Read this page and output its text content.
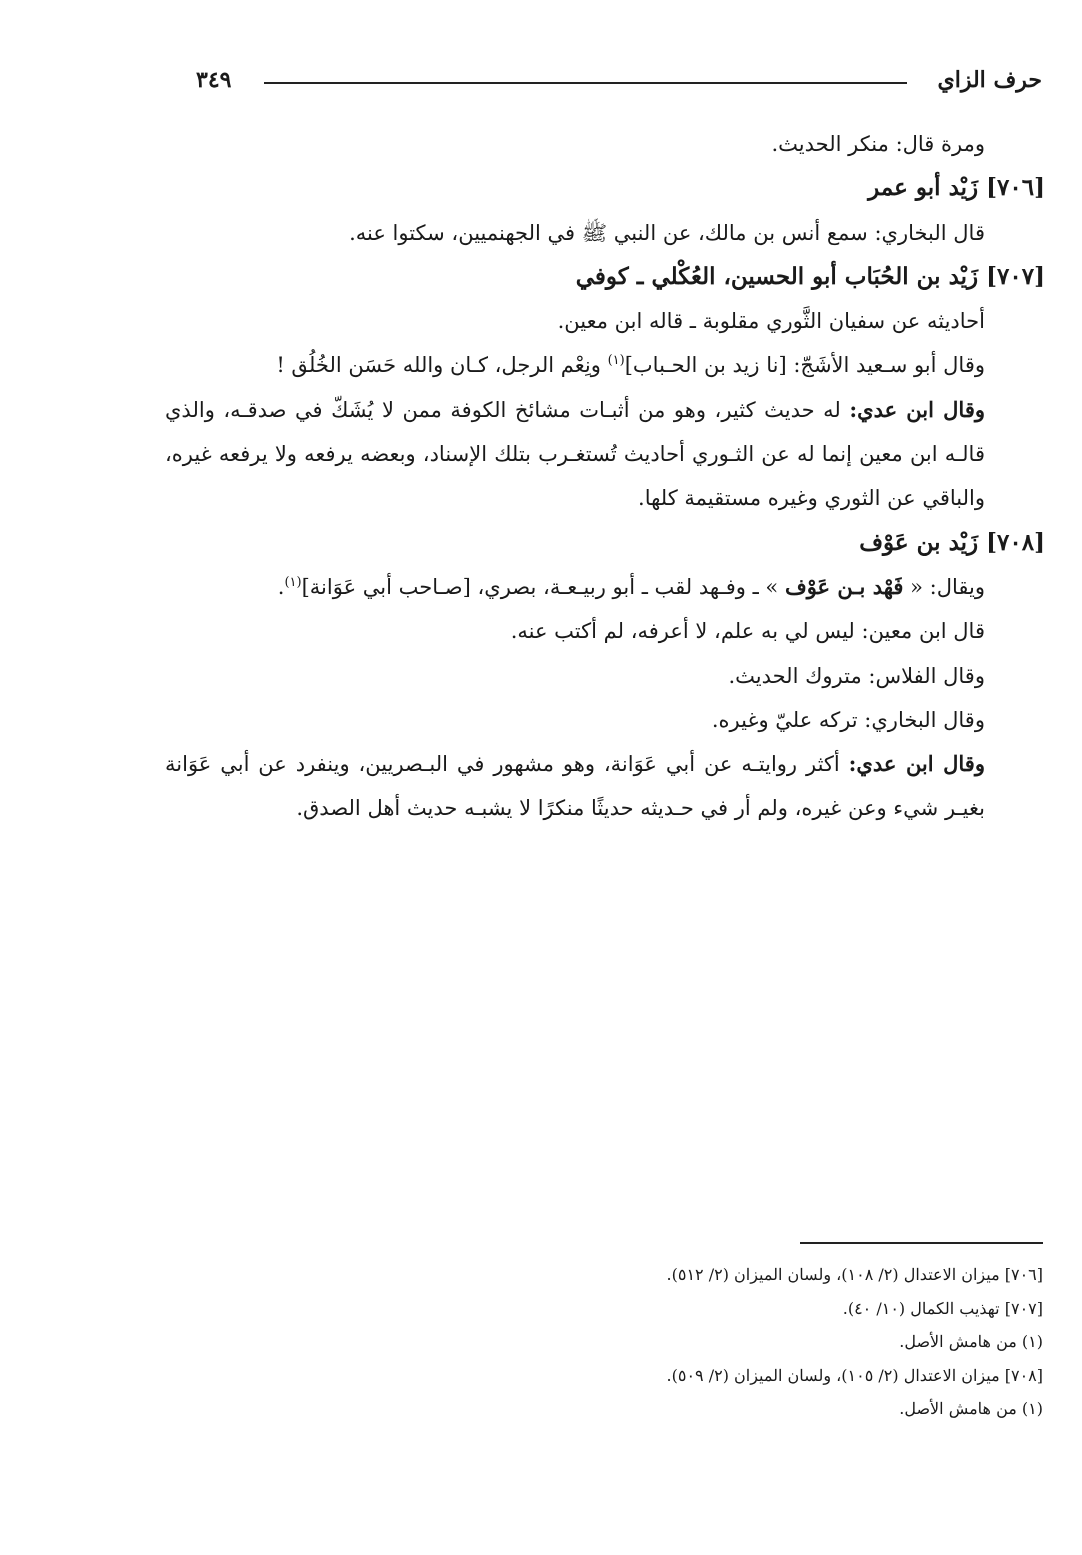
حرف الزاي
٣٤٩

ومرة قال: منكر الحديث.

[٧٠٦] زَيْد أبو عمر

قال البخاري: سمع أنس بن مالك، عن النبي ﷺ في الجهنميين، سكتوا عنه.

[٧٠٧] زَيْد بن الحُبَاب أبو الحسين، العُكْلي ـ كوفي

أحاديثه عن سفيان الثَّوري مقلوبة ـ قاله ابن معين.

وقال أبو سـعيد الأشَجّ: [نا زيد بن الحـباب]$^{(١)}$ ونِعْم الرجل، كـان والله حَسَن الخُلُق !

وقال ابن عدي: له حديث كثير، وهو من أثبـات مشائخ الكوفة ممن لا يُشَكّ في صدقـه، والذي قالـه ابن معين إنما له عن الثـوري أحاديث تُستغـرب بتلك الإسناد، وبعضه يرفعه ولا يرفعه غيره، والباقي عن الثوري وغيره مستقيمة كلها.

[٧٠٨] زَيْد بن عَوْف

ويقال: « فَهْد بـن عَوْف » ـ وفـهد لقب ـ أبو ربيـعـة، بصري، [صـاحب أبي عَوَانة]$^{(١)}$.

قال ابن معين: ليس لي به علم، لا أعرفه، لم أكتب عنه.

وقال الفلاس: متروك الحديث.

وقال البخاري: تركه عليّ وغيره.

وقال ابن عدي: أكثر روايتـه عن أبي عَوَانة، وهو مشهور في البـصريين، وينفرد عن أبي عَوَانة بغيـر شيء وعن غيره، ولم أر في حـديثه حديثًا منكرًا لا يشبـه حديث أهل الصدق.

[٧٠٦] ميزان الاعتدال (٢/ ١٠٨)، ولسان الميزان (٢/ ٥١٢).

[٧٠٧] تهذيب الكمال (١٠/ ٤٠).

(١) من هامش الأصل.

[٧٠٨] ميزان الاعتدال (٢/ ١٠٥)، ولسان الميزان (٢/ ٥٠٩).

(١) من هامش الأصل.
